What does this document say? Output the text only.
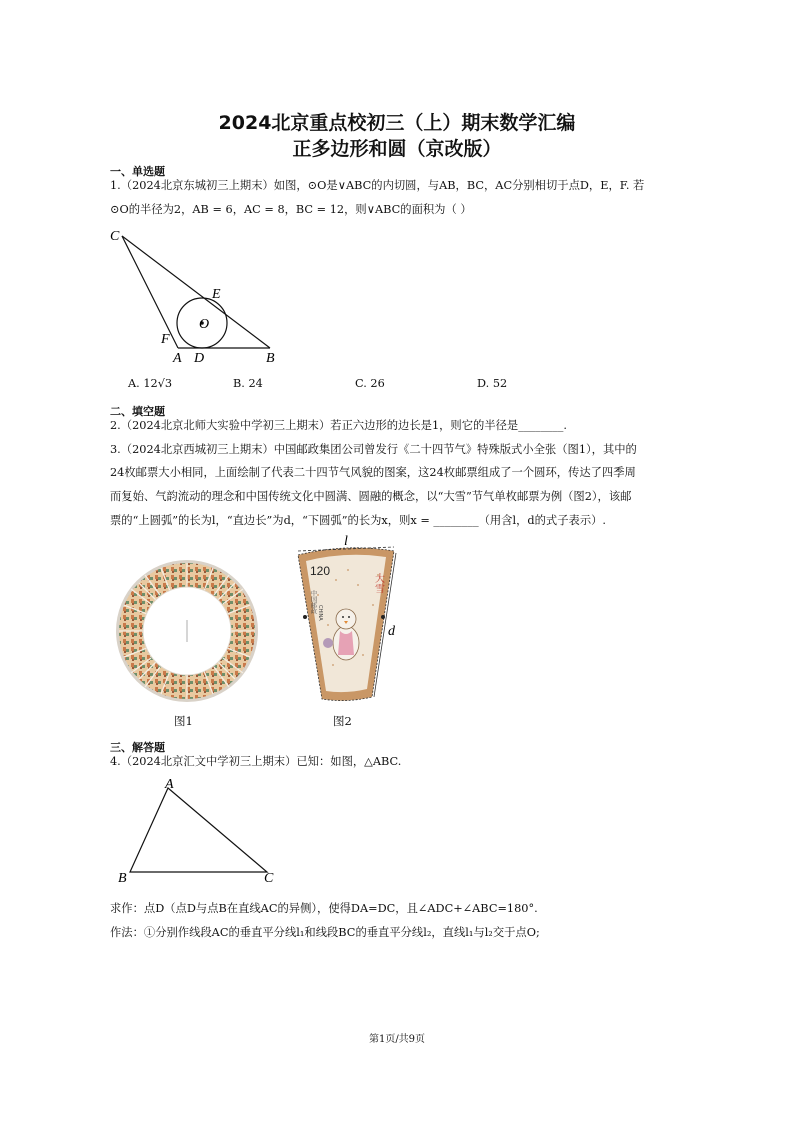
2024北京重点校初三（上）期末数学汇编
正多边形和圆（京改版）
一、单选题
1.（2024北京东城初三上期末）如图，⊙O是∨ABC的内切圆，与AB，BC，AC分别相切于点D，E，F. 若
⊙O的半径为2，AB = 6，AC = 8，BC = 12，则∨ABC的面积为（ ）
C
E
O
F
A D	B
A. 12√3	B. 24	C. 26	D. 52
二、填空题
2.（2024北京北师大实验中学初三上期末）若正六边形的边长是1，则它的半径是________.
3.（2024北京西城初三上期末）中国邮政集团公司曾发行《二十四节气》特殊版式小全张（图1），其中的
24枚邮票大小相同，上面绘制了代表二十四节气风貌的图案，这24枚邮票组成了一个圆环，传达了四季周
而复始、气韵流动的理念和中国传统文化中圆满、圆融的概念，以“大雪”节气单枚邮票为例（图2），该邮
票的“上圆弧”的长为l，“直边长”为d，“下圆弧”的长为x，则x = ________（用含l，d的式子表示）.
图1
120
大雪
中国邮政 CHINA
l
d
图2
三、解答题
4.（2024北京汇文中学初三上期末）已知：如图，△ABC.
A
B	C
求作：点D（点D与点B在直线AC的异侧），使得DA=DC，且∠ADC+∠ABC=180°.
作法：①分别作线段AC的垂直平分线l₁和线段BC的垂直平分线l₂，直线l₁与l₂交于点O;
第1页/共9页
